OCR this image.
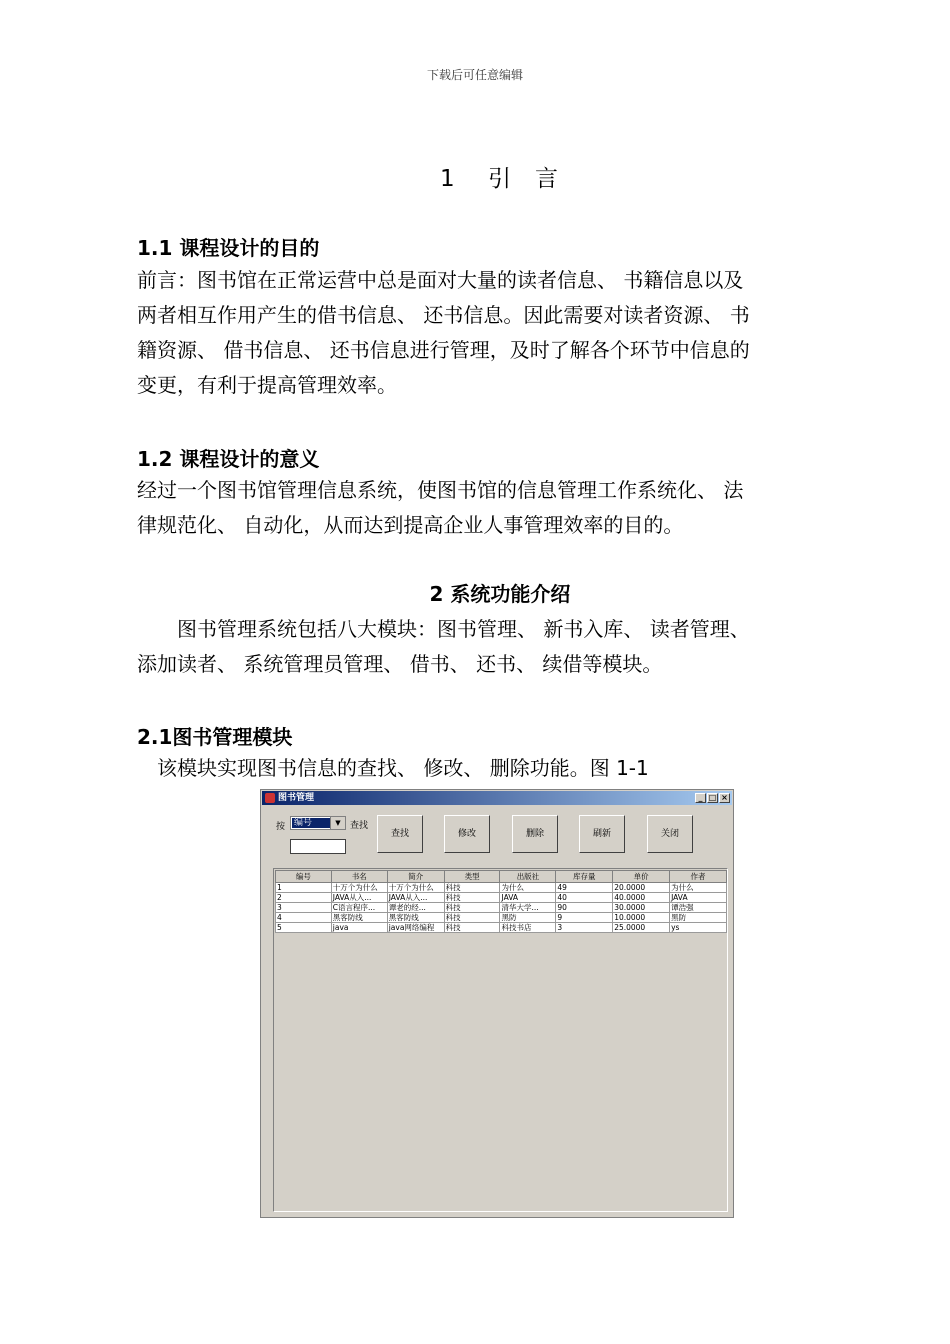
下载后可任意编辑
1 引 言
1.1 课程设计的目的
前言：图书馆在正常运营中总是面对大量的读者信息、 书籍信息以及
两者相互作用产生的借书信息、 还书信息。因此需要对读者资源、 书
籍资源、 借书信息、 还书信息进行管理，及时了解各个环节中信息的
变更，有利于提高管理效率。
1.2 课程设计的意义
经过一个图书馆管理信息系统，使图书馆的信息管理工作系统化、 法
律规范化、 自动化，从而达到提高企业人事管理效率的目的。
2 系统功能介绍
　　图书管理系统包括八大模块：图书管理、 新书入库、 读者管理、
添加读者、 系统管理员管理、 借书、 还书、 续借等模块。
2.1图书管理模块
　该模块实现图书信息的查找、 修改、 删除功能。图 1-1
图书管理	_ □ ×
按 编号	▼	查找
查找	修改	删除	刷新	关闭
编号	书名	简介	类型	出版社	库存量	单价	作者
1	十万个为什么	十万个为什么	科技	为什么	49	20.0000	为什么
2	JAVA从入...	JAVA从入...	科技	JAVA	40	40.0000	JAVA
3	C语言程序...	谭老的经...	科技	清华大学...	90	30.0000	谭浩强
4	黑客防线	黑客防线	科技	黑防	9	10.0000	黑防
5	java	java网络编程	科技	科技书店	3	25.0000	ys
